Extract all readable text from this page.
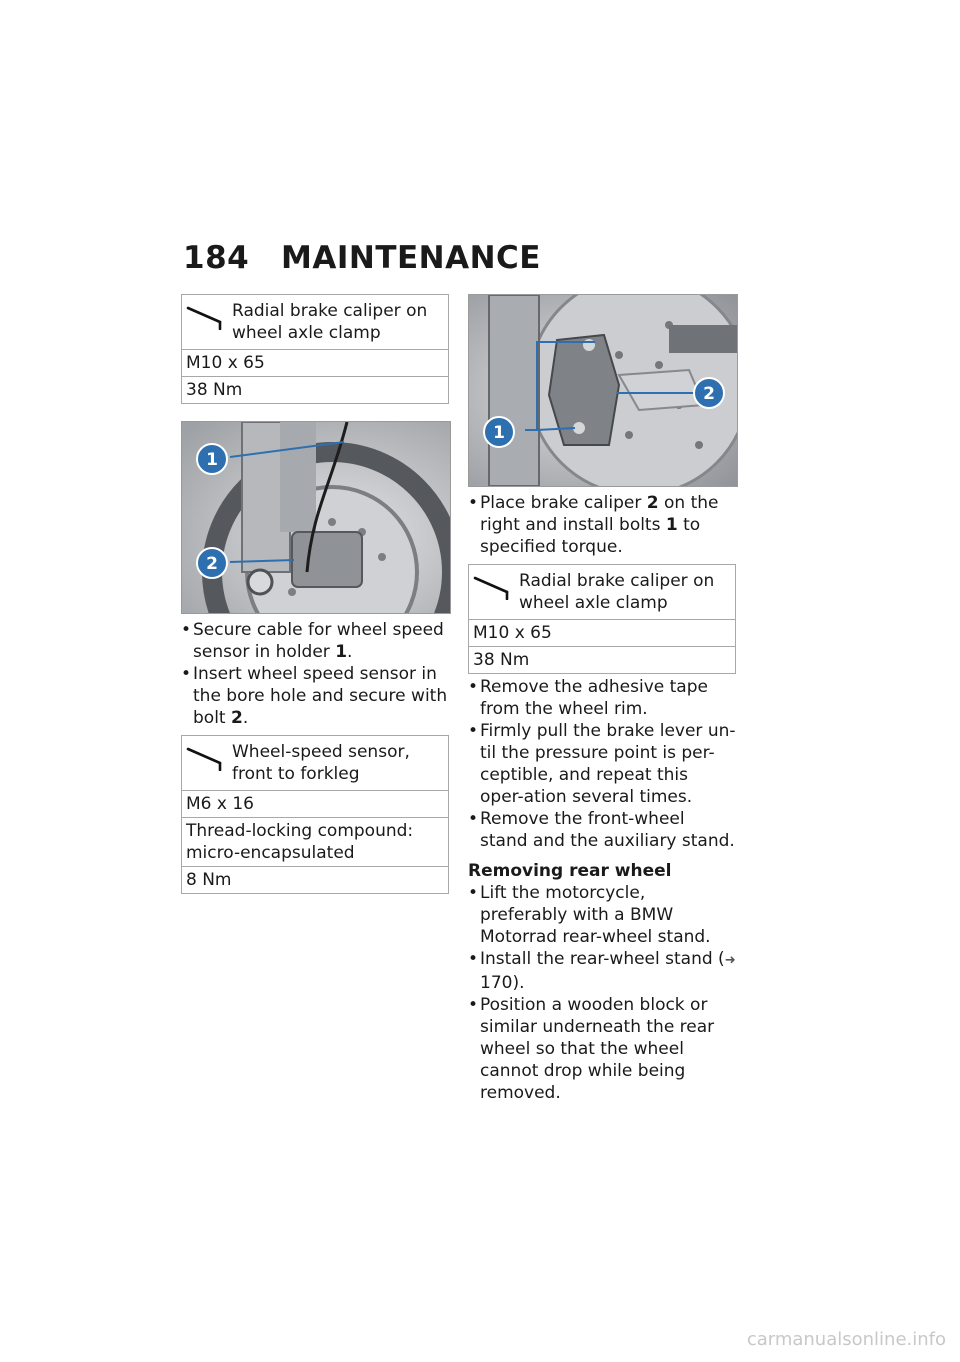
184 MAINTENANCE
Radial brake caliper on wheel axle clamp

M10 x 65
38 Nm
1
2
• Secure cable for wheel speed sensor in holder 1.
• Insert wheel speed sensor in the bore hole and secure with bolt 2.
Wheel-speed sensor, front to forkleg

M6 x 16
Thread-locking compound: micro-encapsulated
8 Nm
2
1
• Place brake caliper 2 on the right and install bolts 1 to specified torque.
Radial brake caliper on wheel axle clamp

M10 x 65
38 Nm
• Remove the adhesive tape from the wheel rim.
• Firmly pull the brake lever un-til the pressure point is per-ceptible, and repeat this oper-ation several times.
• Remove the front-wheel stand and the auxiliary stand.
Removing rear wheel
• Lift the motorcycle, preferably with a BMW Motorrad rear-wheel stand.
• Install the rear-wheel stand (➜ 170).
• Position a wooden block or similar underneath the rear wheel so that the wheel cannot drop while being removed.
carmanualsonline.info
